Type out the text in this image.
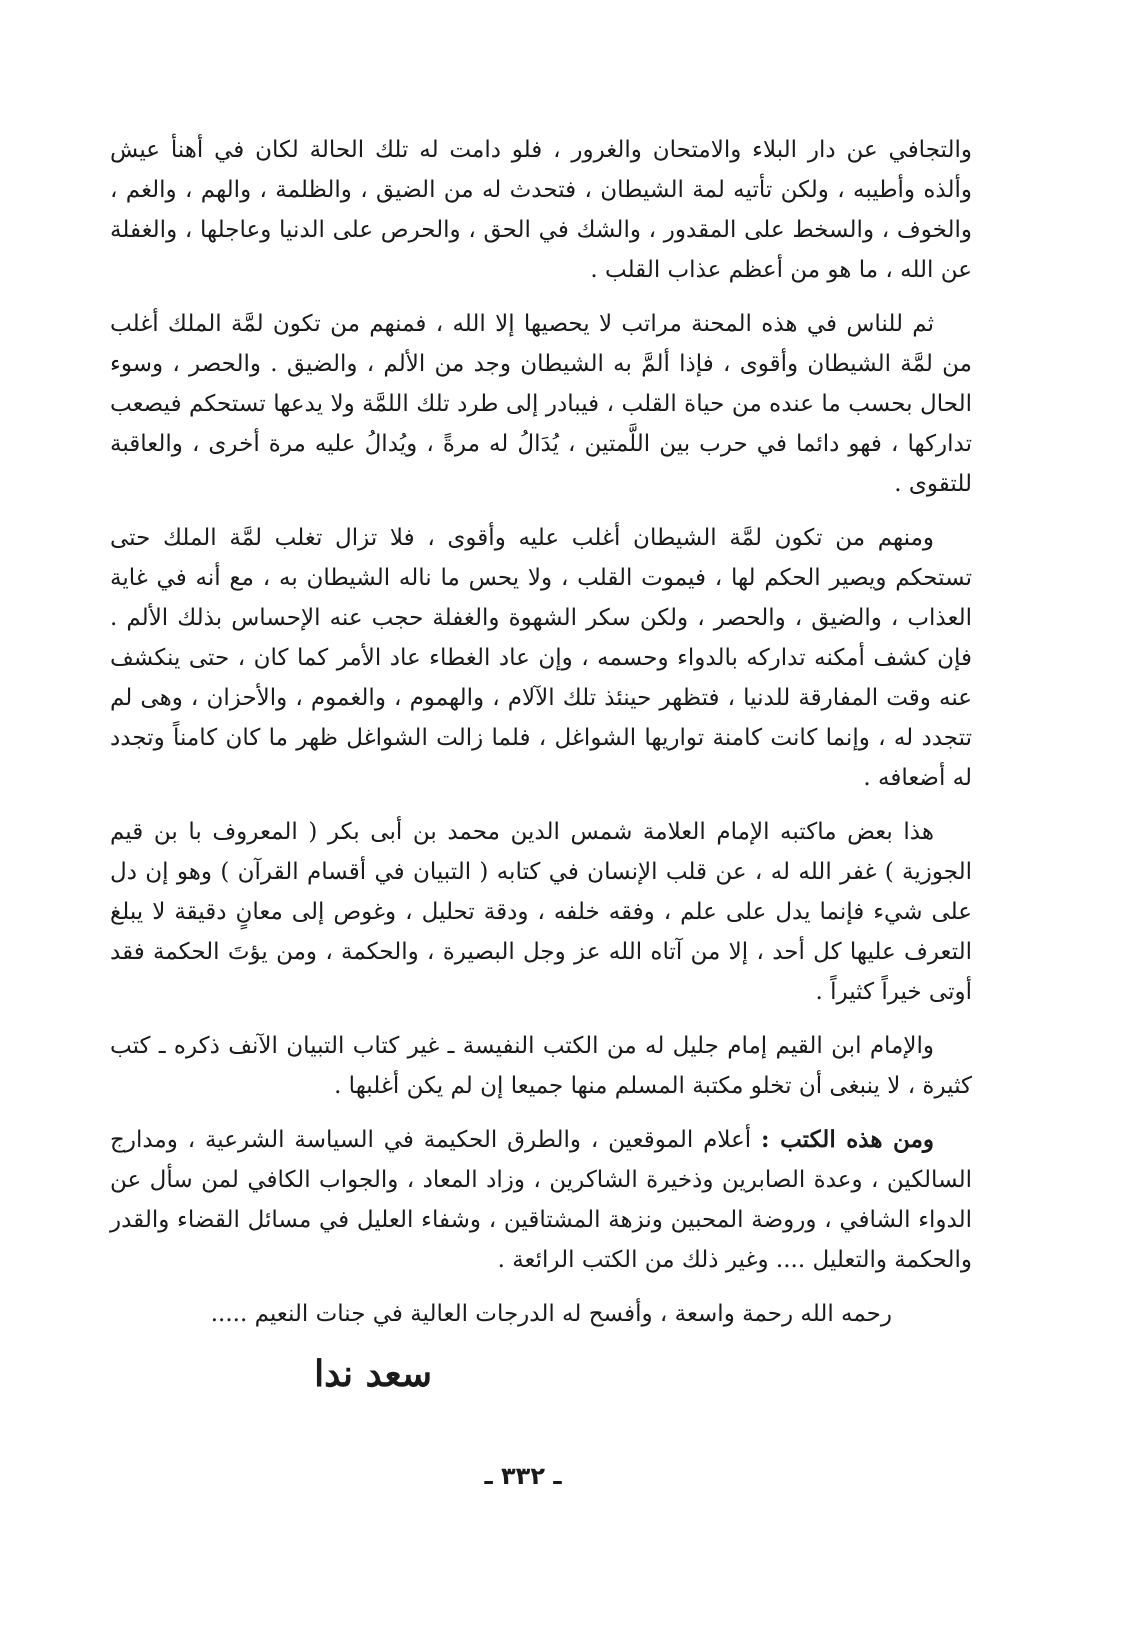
والتجافي عن دار البلاء والامتحان والغرور ، فلو دامت له تلك الحالة لكان في أهنأ عيش وألذه وأطيبه ، ولكن تأتيه لمة الشيطان ، فتحدث له من الضيق ، والظلمة ، والهم ، والغم ، والخوف ، والسخط على المقدور ، والشك في الحق ، والحرص على الدنيا وعاجلها ، والغفلة عن الله ، ما هو من أعظم عذاب القلب .

ثم للناس في هذه المحنة مراتب لا يحصيها إلا الله ، فمنهم من تكون لمَّة الملك أغلب من لمَّة الشيطان وأقوى ، فإذا ألمَّ به الشيطان وجد من الألم ، والضيق . والحصر ، وسوء الحال بحسب ما عنده من حياة القلب ، فيبادر إلى طرد تلك اللمَّة ولا يدعها تستحكم فيصعب تداركها ، فهو دائما في حرب بين اللَّمتين ، يُدَالُ له مرةً ، ويُدالُ عليه مرة أخرى ، والعاقبة للتقوى .

ومنهم من تكون لمَّة الشيطان أغلب عليه وأقوى ، فلا تزال تغلب لمَّة الملك حتى تستحكم ويصير الحكم لها ، فيموت القلب ، ولا يحس ما ناله الشيطان به ، مع أنه في غاية العذاب ، والضيق ، والحصر ، ولكن سكر الشهوة والغفلة حجب عنه الإحساس بذلك الألم . فإن كشف أمكنه تداركه بالدواء وحسمه ، وإن عاد الغطاء عاد الأمر كما كان ، حتى ينكشف عنه وقت المفارقة للدنيا ، فتظهر حينئذ تلك الآلام ، والهموم ، والغموم ، والأحزان ، وهى لم تتجدد له ، وإنما كانت كامنة تواريها الشواغل ، فلما زالت الشواغل ظهر ما كان كامناً وتجدد له أضعافه .

هذا بعض ماكتبه الإمام العلامة شمس الدين محمد بن أبى بكر ( المعروف با بن قيم الجوزية ) غفر الله له ، عن قلب الإنسان في كتابه ( التبيان في أقسام القرآن ) وهو إن دل على شيء فإنما يدل على علم ، وفقه خلفه ، ودقة تحليل ، وغوص إلى معانٍ دقيقة لا يبلغ التعرف عليها كل أحد ، إلا من آتاه الله عز وجل البصيرة ، والحكمة ، ومن يؤتَ الحكمة فقد أوتى خيراً كثيراً .

والإمام ابن القيم إمام جليل له من الكتب النفيسة ـ غير كتاب التبيان الآنف ذكره ـ كتب كثيرة ، لا ينبغى أن تخلو مكتبة المسلم منها جميعا إن لم يكن أغلبها .

ومن هذه الكتب : أعلام الموقعين ، والطرق الحكيمة في السياسة الشرعية ، ومدارج السالكين ، وعدة الصابرين وذخيرة الشاكرين ، وزاد المعاد ، والجواب الكافي لمن سأل عن الدواء الشافي ، وروضة المحبين ونزهة المشتاقين ، وشفاء العليل في مسائل القضاء والقدر والحكمة والتعليل .... وغير ذلك من الكتب الرائعة .

رحمه الله رحمة واسعة ، وأفسح له الدرجات العالية في جنات النعيم .....

سعد ندا
ـ ٣٣٢ ـ
